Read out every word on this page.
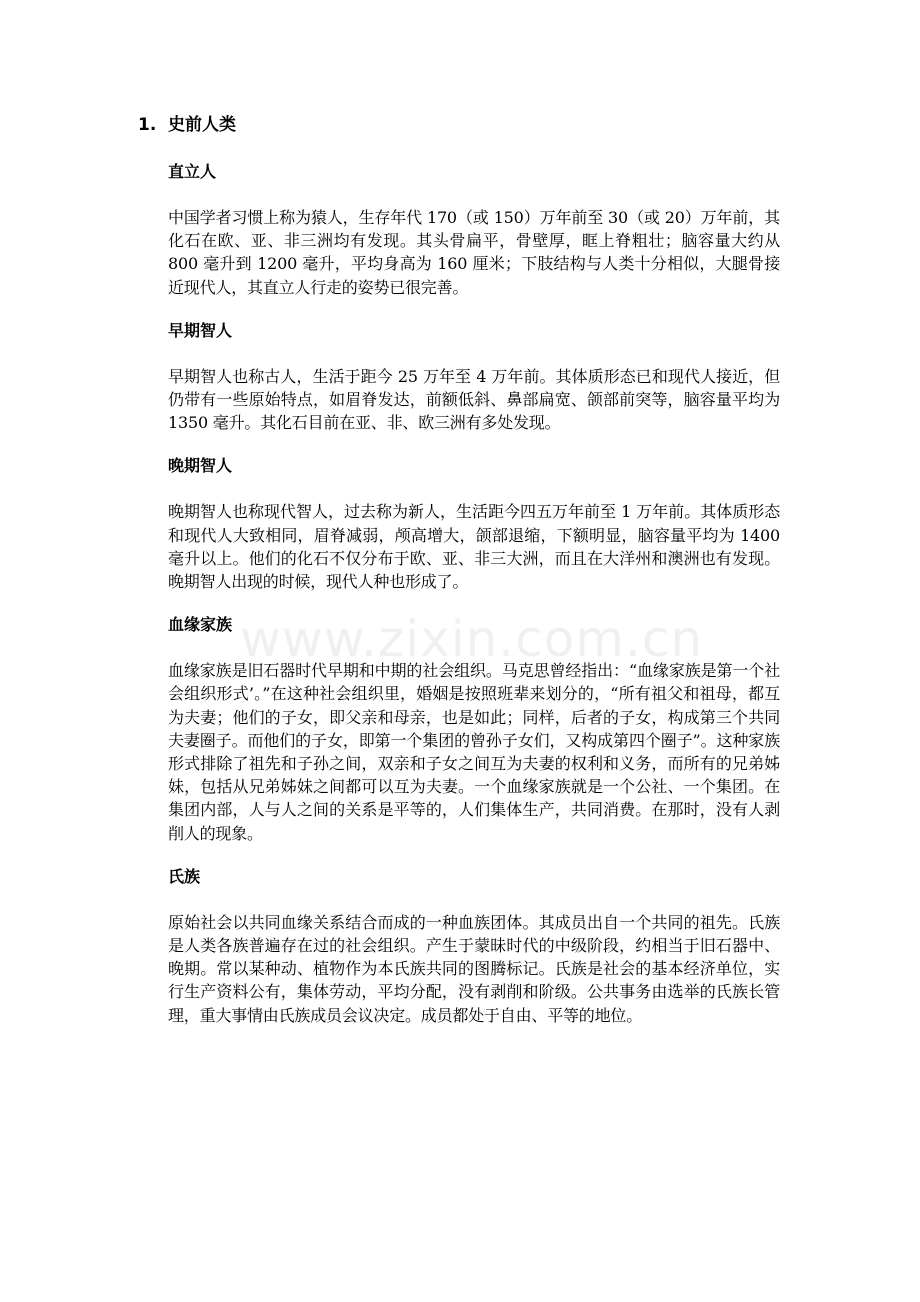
1. 史前人类
直立人

中国学者习惯上称为猿人，生存年代 170（或 150）万年前至 30（或 20）万年前，其化石在欧、亚、非三洲均有发现。其头骨扁平，骨壁厚，眶上脊粗壮；脑容量大约从 800 毫升到 1200 毫升，平均身高为 160 厘米；下肢结构与人类十分相似，大腿骨接近现代人，其直立人行走的姿势已很完善。

早期智人

早期智人也称古人，生活于距今 25 万年至 4 万年前。其体质形态已和现代人接近，但仍带有一些原始特点，如眉脊发达，前额低斜、鼻部扁宽、颌部前突等，脑容量平均为 1350 毫升。其化石目前在亚、非、欧三洲有多处发现。

晚期智人

晚期智人也称现代智人，过去称为新人，生活距今四五万年前至 1 万年前。其体质形态和现代人大致相同，眉脊减弱，颅高增大，颌部退缩，下额明显，脑容量平均为 1400 毫升以上。他们的化石不仅分布于欧、亚、非三大洲，而且在大洋州和澳洲也有发现。晚期智人出现的时候，现代人种也形成了。

血缘家族

血缘家族是旧石器时代早期和中期的社会组织。马克思曾经指出：“血缘家族是第一个社会组织形式’。”在这种社会组织里，婚姻是按照班辈来划分的，“所有祖父和祖母，都互为夫妻；他们的子女，即父亲和母亲，也是如此；同样，后者的子女，构成第三个共同夫妻圈子。而他们的子女，即第一个集团的曾孙子女们，又构成第四个圈子”。这种家族形式排除了祖先和子孙之间，双亲和子女之间互为夫妻的权利和义务，而所有的兄弟姊妹，包括从兄弟姊妹之间都可以互为夫妻。一个血缘家族就是一个公社、一个集团。在集团内部，人与人之间的关系是平等的，人们集体生产，共同消费。在那时，没有人剥削人的现象。

氏族

原始社会以共同血缘关系结合而成的一种血族团体。其成员出自一个共同的祖先。氏族是人类各族普遍存在过的社会组织。产生于蒙昧时代的中级阶段，约相当于旧石器中、晚期。常以某种动、植物作为本氏族共同的图腾标记。氏族是社会的基本经济单位，实行生产资料公有，集体劳动，平均分配，没有剥削和阶级。公共事务由选举的氏族长管理，重大事情由氏族成员会议决定。成员都处于自由、平等的地位。

www.zixin.com.cn
